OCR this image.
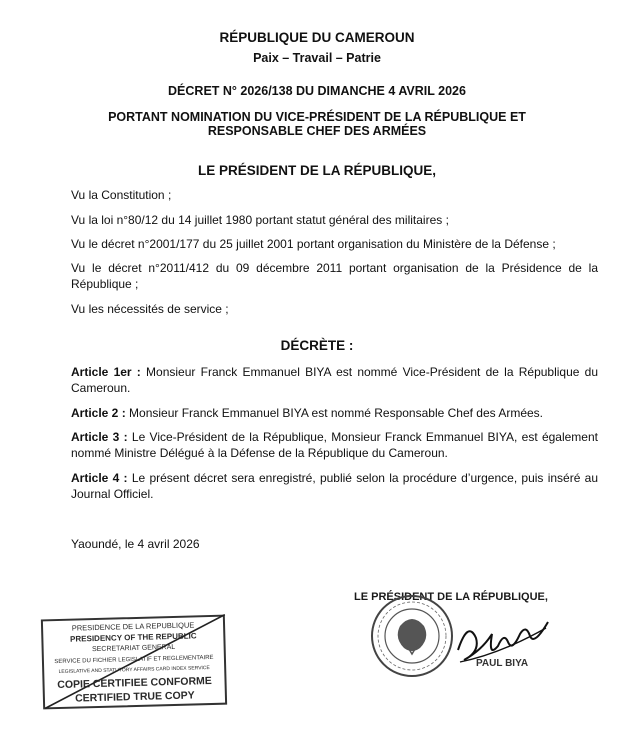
RÉPUBLIQUE DU CAMEROUN
Paix – Travail – Patrie
DÉCRET N° 2026/138 DU DIMANCHE 4 AVRIL 2026
PORTANT NOMINATION DU VICE-PRÉSIDENT DE LA RÉPUBLIQUE ET
RESPONSABLE CHEF DES ARMÉES
LE PRÉSIDENT DE LA RÉPUBLIQUE,
Vu la Constitution ;
Vu la loi n°80/12 du 14 juillet 1980 portant statut général des militaires ;
Vu le décret n°2001/177 du 25 juillet 2001 portant organisation du Ministère de la Défense ;
Vu le décret n°2011/412 du 09 décembre 2011 portant organisation de la Présidence de la
République ;
Vu les nécessités de service ;
DÉCRÈTE :
Article 1er : Monsieur Franck Emmanuel BIYA est nommé Vice-Président de la République du
Cameroun.
Article 2 : Monsieur Franck Emmanuel BIYA est nommé Responsable Chef des Armées.
Article 3 : Le Vice-Président de la République, Monsieur Franck Emmanuel BIYA, est également
nommé Ministre Délégué à la Défense de la République du Cameroun.
Article 4 : Le présent décret sera enregistré, publié selon la procédure d’urgence, puis inséré au
Journal Officiel.
Yaoundé, le 4 avril 2026
PRESIDENCE DE LA REPUBLIQUE
PRESIDENCY OF THE REPUBLIC
SECRETARIAT GENERAL
SERVICE DU FICHIER LEGISLATIF ET REGLEMENTAIRE
LEGISLATIVE AND STATUTORY AFFAIRS CARD INDEX SERVICE
COPIE CERTIFIEE CONFORME
CERTIFIED TRUE COPY
LE PRÉSIDENT DE LA RÉPUBLIQUE,
PAUL BIYA
